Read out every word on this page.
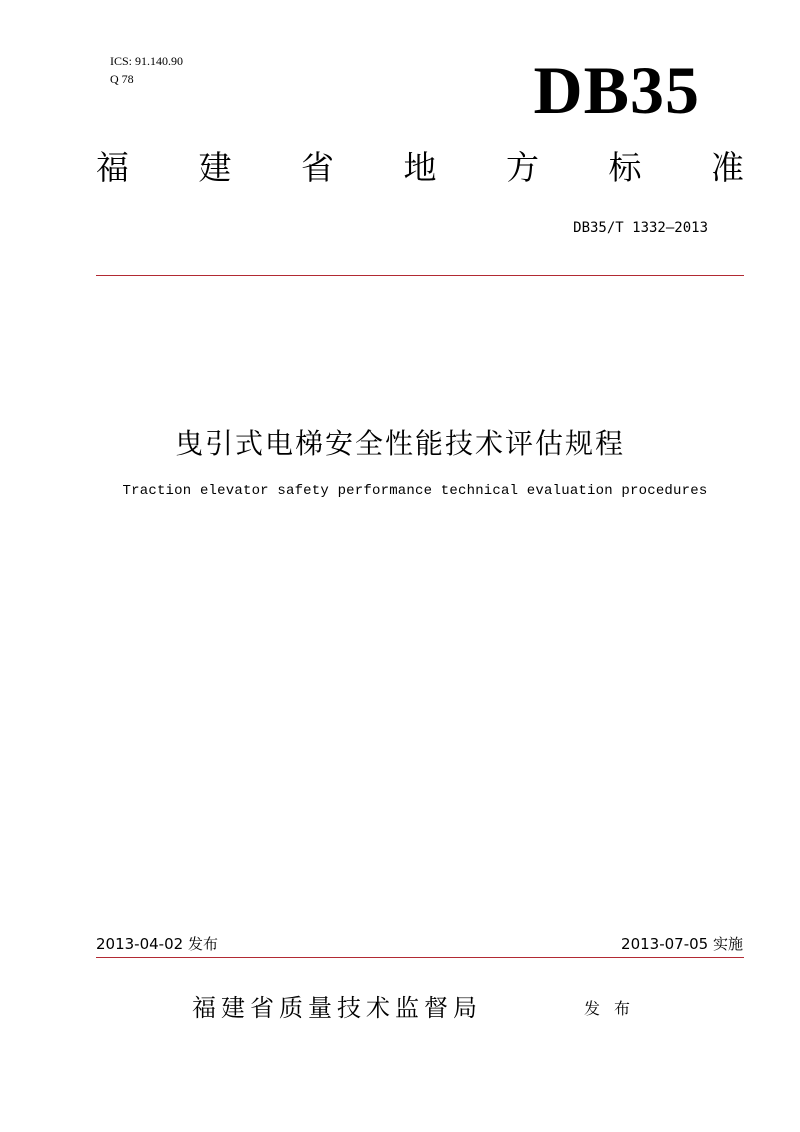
ICS: 91.140.90
Q 78	DB35
福 建 省 地 方 标 准
DB35/T 1332—2013
曳引式电梯安全性能技术评估规程
Traction elevator safety performance technical evaluation procedures
2013-04-02 发布	2013-07-05 实施
福建省质量技术监督局	发布
